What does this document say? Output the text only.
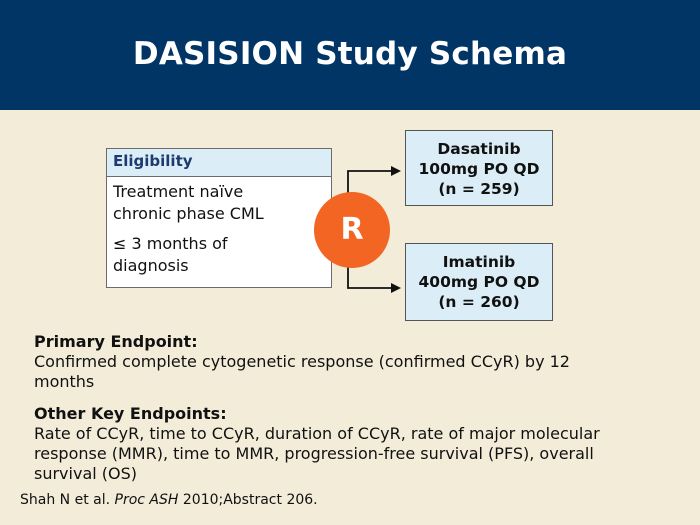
DASISION Study Schema
Eligibility
Treatment naïve
chronic phase CML
≤ 3 months of
diagnosis
R
Dasatinib
100mg PO QD
(n = 259)
Imatinib
400mg PO QD
(n = 260)
Primary Endpoint:
Confirmed complete cytogenetic response (confirmed CCyR) by 12 months
Other Key Endpoints:
Rate of CCyR, time to CCyR, duration of CCyR, rate of major molecular response (MMR), time to MMR, progression-free survival (PFS), overall survival (OS)
Shah N et al. Proc ASH 2010;Abstract 206.
